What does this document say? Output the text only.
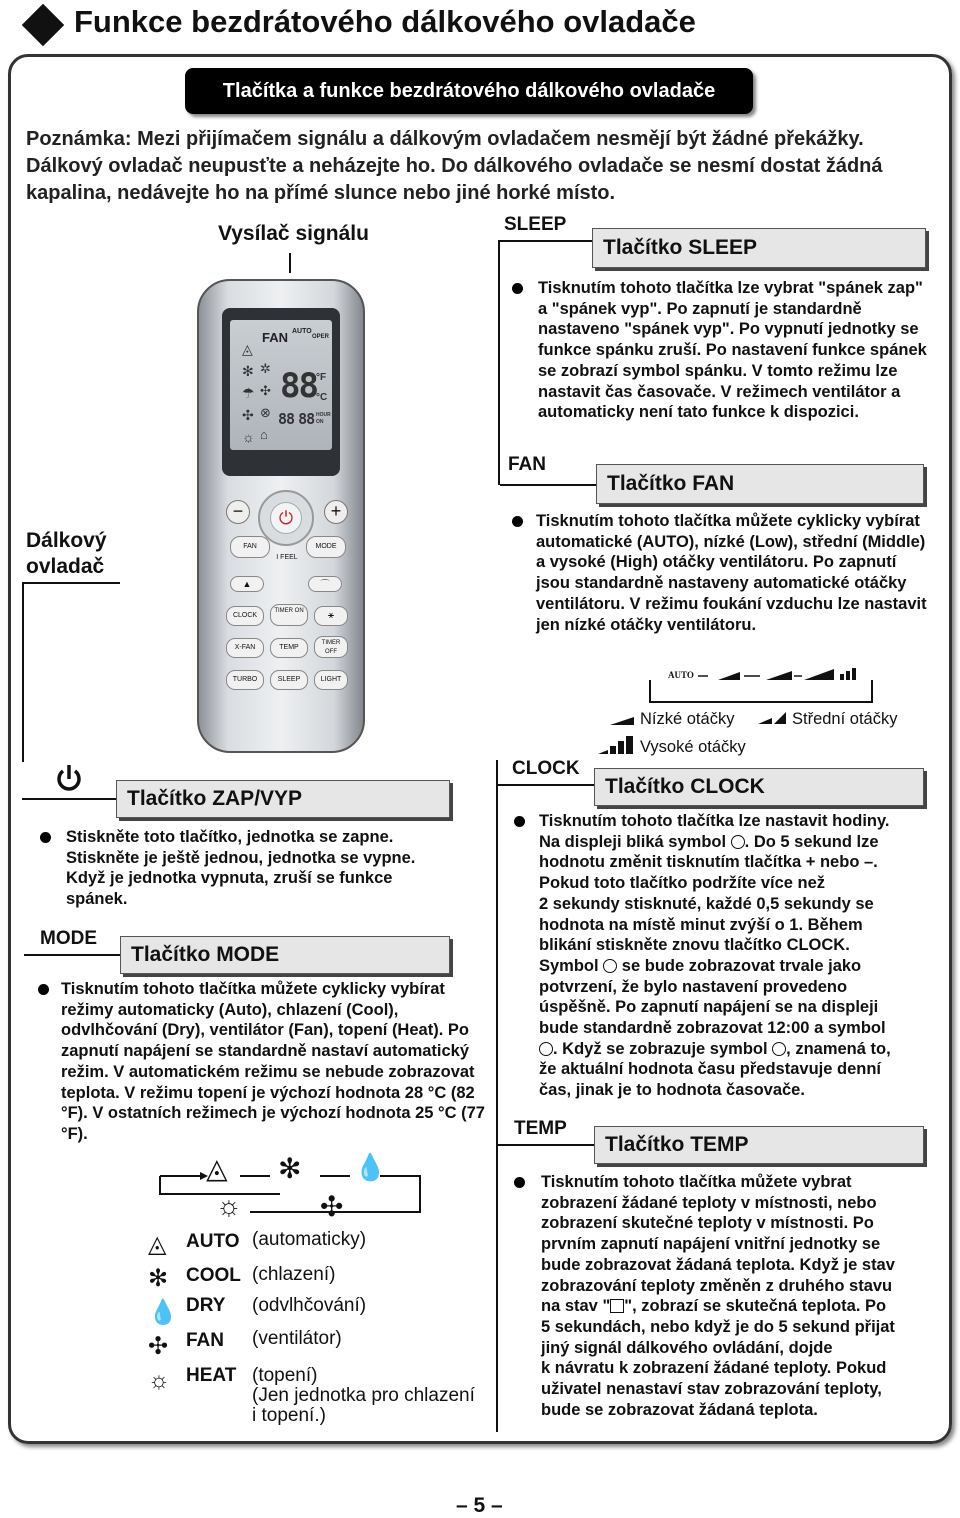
Funkce bezdrátového dálkového ovladače
Tlačítka a funkce bezdrátového dálkového ovladače
Poznámka: Mezi přijímačem signálu a dálkovým ovladačem nesmějí být žádné překážky. Dálkový ovladač neupusťte a neházejte ho. Do dálkového ovladače se nesmí dostat žádná kapalina, nedávejte ho na přímé slunce nebo jiné horké místo.
Vysílač signálu
Dálkový
ovladač
FAN AUTO
OPER
88 °F
°C
88 88 HOUR
ON
◬
✻
☂
✣
☼
☾
✲
✣
⊗
⌂
⏻
−	+
FAN	MODE
I FEEL
▲	⌒
CLOCK
TIMER ON	⚹
X-FAN	TEMP
TIMER OFF
TURBO	SLEEP	LIGHT
SLEEP
Tlačítko SLEEP
Tisknutím tohoto tlačítka lze vybrat "spánek zap" a "spánek vyp". Po zapnutí je standardně nastaveno "spánek vyp". Po vypnutí jednotky se funkce spánku zruší. Po nastavení funkce spánek se zobrazí symbol spánku. V tomto režimu lze nastavit čas časovače. V režimech ventilátor a automaticky není tato funkce k dispozici.
FAN
Tlačítko FAN
Tisknutím tohoto tlačítka můžete cyklicky vybírat automatické (AUTO), nízké (Low), střední (Middle) a vysoké (High) otáčky ventilátoru. Po zapnutí jsou standardně nastaveny automatické otáčky ventilátoru. V režimu foukání vzduchu lze nastavit jen nízké otáčky ventilátoru.
AUTO
Nízké otáčky	Střední otáčky
Vysoké otáčky
Tlačítko ZAP/VYP
Stiskněte toto tlačítko, jednotka se zapne. Stiskněte je ještě jednou, jednotka se vypne. Když je jednotka vypnuta, zruší se funkce spánek.
MODE
Tlačítko MODE
Tisknutím tohoto tlačítka můžete cyklicky vybírat režimy automaticky (Auto), chlazení (Cool), odvlhčování (Dry), ventilátor (Fan), topení (Heat). Po zapnutí napájení se standardně nastaví automatický režim. V automatickém režimu se nebude zobrazovat teplota. V režimu topení je výchozí hodnota 28 °C (82 °F). V ostatních režimech je výchozí hodnota 25 °C (77 °F).
◬ ✻ 💧
✣
☼
◬
✻
💧
✣
☼
AUTO (automaticky)
COOL (chlazení)
DRY (odvlhčování)
FAN (ventilátor)
HEAT (topení)
(Jen jednotka pro chlazení
i topení.)
CLOCK
Tlačítko CLOCK
Tisknutím tohoto tlačítka lze nastavit hodiny.
Na displeji bliká symbol . Do 5 sekund lze
hodnotu změnit tisknutím tlačítka + nebo –.
Pokud toto tlačítko podržíte více než
2 sekundy stisknuté, každé 0,5 sekundy se
hodnota na místě minut zvýší o 1. Během
blikání stiskněte znovu tlačítko CLOCK.
Symbol se bude zobrazovat trvale jako
potvrzení, že bylo nastavení provedeno
úspěšně. Po zapnutí napájení se na displeji
bude standardně zobrazovat 12:00 a symbol
. Když se zobrazuje symbol , znamená to,
že aktuální hodnota času představuje denní
čas, jinak je to hodnota časovače.
TEMP
Tlačítko TEMP
Tisknutím tohoto tlačítka můžete vybrat
zobrazení žádané teploty v místnosti, nebo
zobrazení skutečné teploty v místnosti. Po
prvním zapnutí napájení vnitřní jednotky se
bude zobrazovat žádaná teplota. Když je stav
zobrazování teploty změněn z druhého stavu
na stav " ", zobrazí se skutečná teplota. Po
5 sekundách, nebo když je do 5 sekund přijat
jiný signál dálkového ovládání, dojde
k návratu k zobrazení žádané teploty. Pokud
uživatel nenastaví stav zobrazování teploty,
bude se zobrazovat žádaná teplota.
– 5 –
